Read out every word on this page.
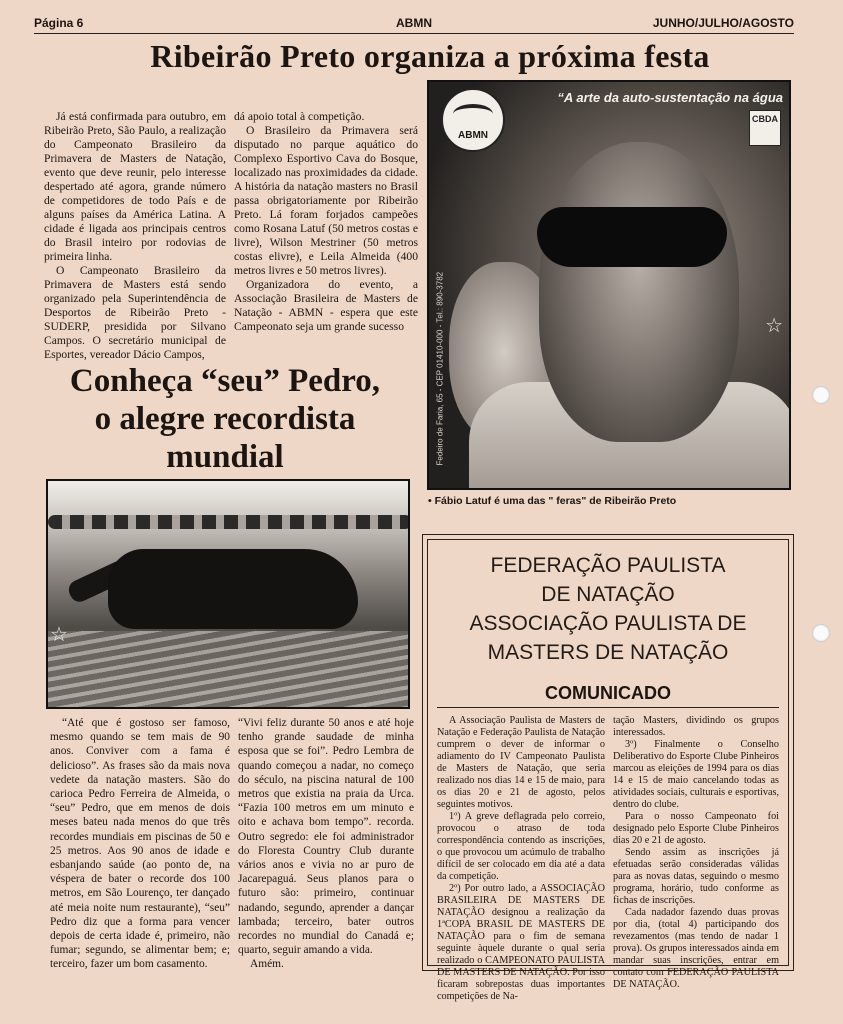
Página 6	ABMN	JUNHO/JULHO/AGOSTO
Ribeirão Preto organiza a próxima festa

Já está confirmada para outubro, em Ribeirão Preto, São Paulo, a realização do Campeonato Brasileiro da Primavera de Masters de Natação, evento que deve reunir, pelo interesse despertado até agora, grande número de competidores de todo País e de alguns países da América Latina. A cidade é ligada aos principais centros do Brasil inteiro por rodovias de primeira linha.

O Campeonato Brasileiro da Primavera de Masters está sendo organizado pela Superintendência de Desportos de Ribeirão Preto - SUDERP, presidida por Silvano Campos. O secretário municipal de Esportes, vereador Dácio Campos,

dá apoio total à competição.

O Brasileiro da Primavera será disputado no parque aquático do Complexo Esportivo Cava do Bosque, localizado nas proximidades da cidade. A história da natação masters no Brasil passa obrigatoriamente por Ribeirão Preto. Lá foram forjados campeões como Rosana Latuf (50 metros costas e livre), Wilson Mestriner (50 metros costas elivre), e Leila Almeida (400 metros livres e 50 metros livres).

Organizadora do evento, a Associação Brasileira de Masters de Natação - ABMN - espera que este Campeonato seja um grande sucesso

ABMN
“A arte da auto-sustentação na água
CBDA
Fedeiro de Faria, 65 - CEP 01410-000 - Tel.: 890-3782	☆
• Fábio Latuf é uma das " feras" de Ribeirão Preto
Conheça “seu” Pedro,
o alegre recordista
mundial
☆

“Até que é gostoso ser famoso, mesmo quando se tem mais de 90 anos. Conviver com a fama é delicioso”. As frases são da mais nova vedete da natação masters. São do carioca Pedro Ferreira de Almeida, o “seu” Pedro, que em menos de dois meses bateu nada menos do que três recordes mundiais em piscinas de 50 e 25 metros. Aos 90 anos de idade e esbanjando saúde (ao ponto de, na véspera de bater o recorde dos 100 metros, em São Lourenço, ter dançado até meia noite num restaurante), “seu” Pedro diz que a forma para vencer depois de certa idade é, primeiro, não fumar; segundo, se alimentar bem; e; terceiro, fazer um bom casamento.

“Vivi feliz durante 50 anos e até hoje tenho grande saudade de minha esposa que se foi”. Pedro Lembra de quando começou a nadar, no começo do século, na piscina natural de 100 metros que existia na praia da Urca. “Fazia 100 metros em um minuto e oito e achava bom tempo”. recorda. Outro segredo: ele foi administrador do Floresta Country Club durante vários anos e vivia no ar puro de Jacarepaguá. Seus planos para o futuro são: primeiro, continuar nadando, segundo, aprender a dançar lambada; terceiro, bater outros recordes no mundial do Canadá e; quarto, seguir amando a vida.

Amém.

FEDERAÇÃO PAULISTA
DE NATAÇÃO
ASSOCIAÇÃO PAULISTA DE
MASTERS DE NATAÇÃO
COMUNICADO

A Associação Paulista de Masters de Natação e Federação Paulista de Natação cumprem o dever de informar o adiamento do IV Campeonato Paulista de Masters de Natação, que seria realizado nos dias 14 e 15 de maio, para os dias 20 e 21 de agosto, pelos seguintes motivos.

1º) A greve deflagrada pelo correio, provocou o atraso de toda correspondência contendo as inscrições, o que provocou um acúmulo de trabalho difícil de ser colocado em dia até a data da competição.

2º) Por outro lado, a ASSOCIAÇÃO BRASILEIRA DE MASTERS DE NATAÇÃO designou a realização da 1ªCOPA BRASIL DE MASTERS DE NATAÇÃO para o fim de semana seguinte àquele durante o qual seria realizado o CAMPEONATO PAULISTA DE MASTERS DE NATAÇÃO. Por isso ficaram sobrepostas duas importantes competições de Na-

tação Masters, dividindo os grupos interessados.

3º) Finalmente o Conselho Deliberativo do Esporte Clube Pinheiros marcou as eleições de 1994 para os dias 14 e 15 de maio cancelando todas as atividades sociais, culturais e esportivas, dentro do clube.

Para o nosso Campeonato foi designado pelo Esporte Clube Pinheiros dias 20 e 21 de agosto.

Sendo assim as inscrições já efetuadas serão consideradas válidas para as novas datas, seguindo o mesmo programa, horário, tudo conforme as fichas de inscrições.

Cada nadador fazendo duas provas por dia, (total 4) participando dos revezamentos (mas tendo de nadar 1 prova). Os grupos interessados ainda em mandar suas inscrições, entrar em contato com FEDERAÇÃO PAULISTA DE NATAÇÃO.
